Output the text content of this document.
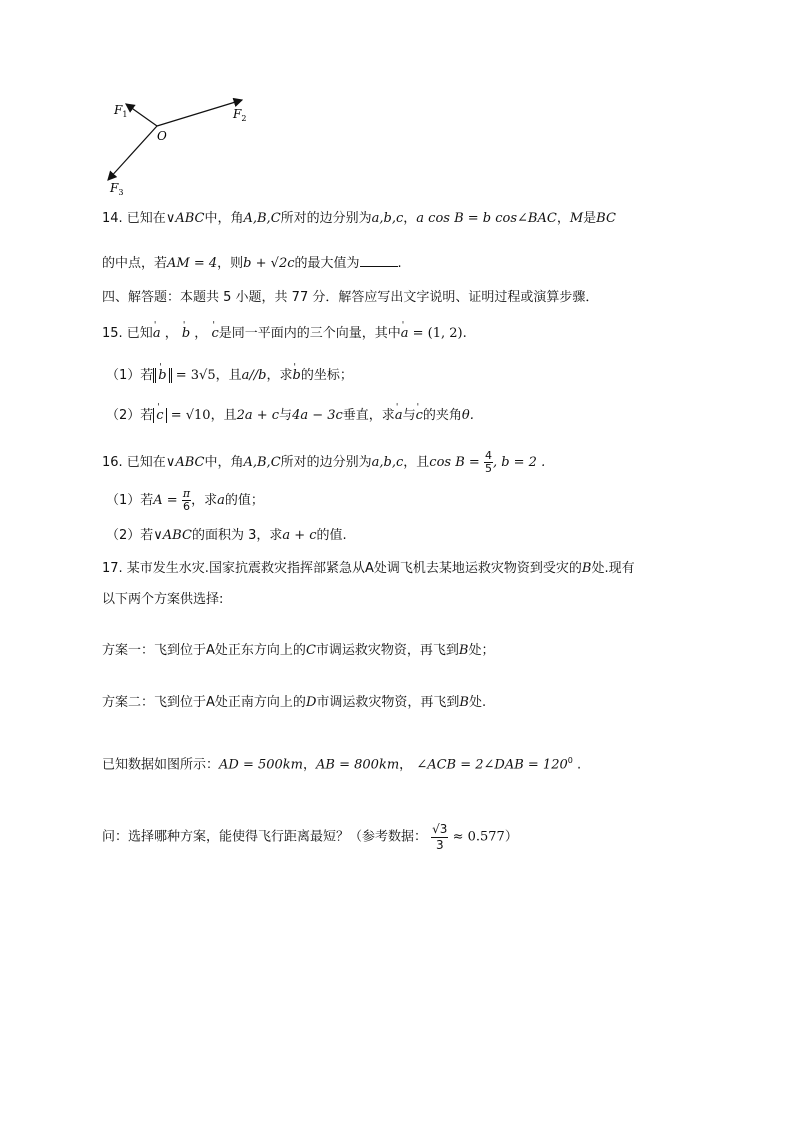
$F_1$	$F_2$
$F_3$
O
14. 已知在∨ABC中，角A,B,C所对的边分别为a,b,c，a cos B = b cos∠BAC，M是BC
的中点，若AM = 4，则b + √2c的最大值为	.
四、解答题：本题共 5 小题，共 77 分．解答应写出文字说明、证明过程或演算步骤．
15. 已知' a ， ' b ， ' c是同一平面内的三个向量，其中' a = (1, 2).
（1）若 ' b = 3√5，且a//b，求' b的坐标；
（2）若 ' c = √10，且2a + c与4a − 3c垂直，求' a与' c的夹角θ.
16. 已知在∨ABC中，角A,B,C所对的边分别为a,b,c，且$\cos B = \frac{4}{5}$ , b = 2 .
（1）若$A = \frac{\pi}{6}$ ，求a的值；
（2）若∨ABC的面积为 3，求a + c的值.
17. 某市发生水灾.国家抗震救灾指挥部紧急从A处调飞机去某地运救灾物资到受灾的B处.现有
以下两个方案供选择:
方案一：飞到位于A处正东方向上的C市调运救灾物资，再飞到B处；
方案二：飞到位于A处正南方向上的D市调运救灾物资，再飞到B处.
已知数据如图所示：AD = 500km，AB = 800km， ∠ACB = 2∠DAB = $120^0$ .
问：选择哪种方案，能使得飞行距离最短？（参考数据： $\frac{√3}{3} \approx 0.577$）
